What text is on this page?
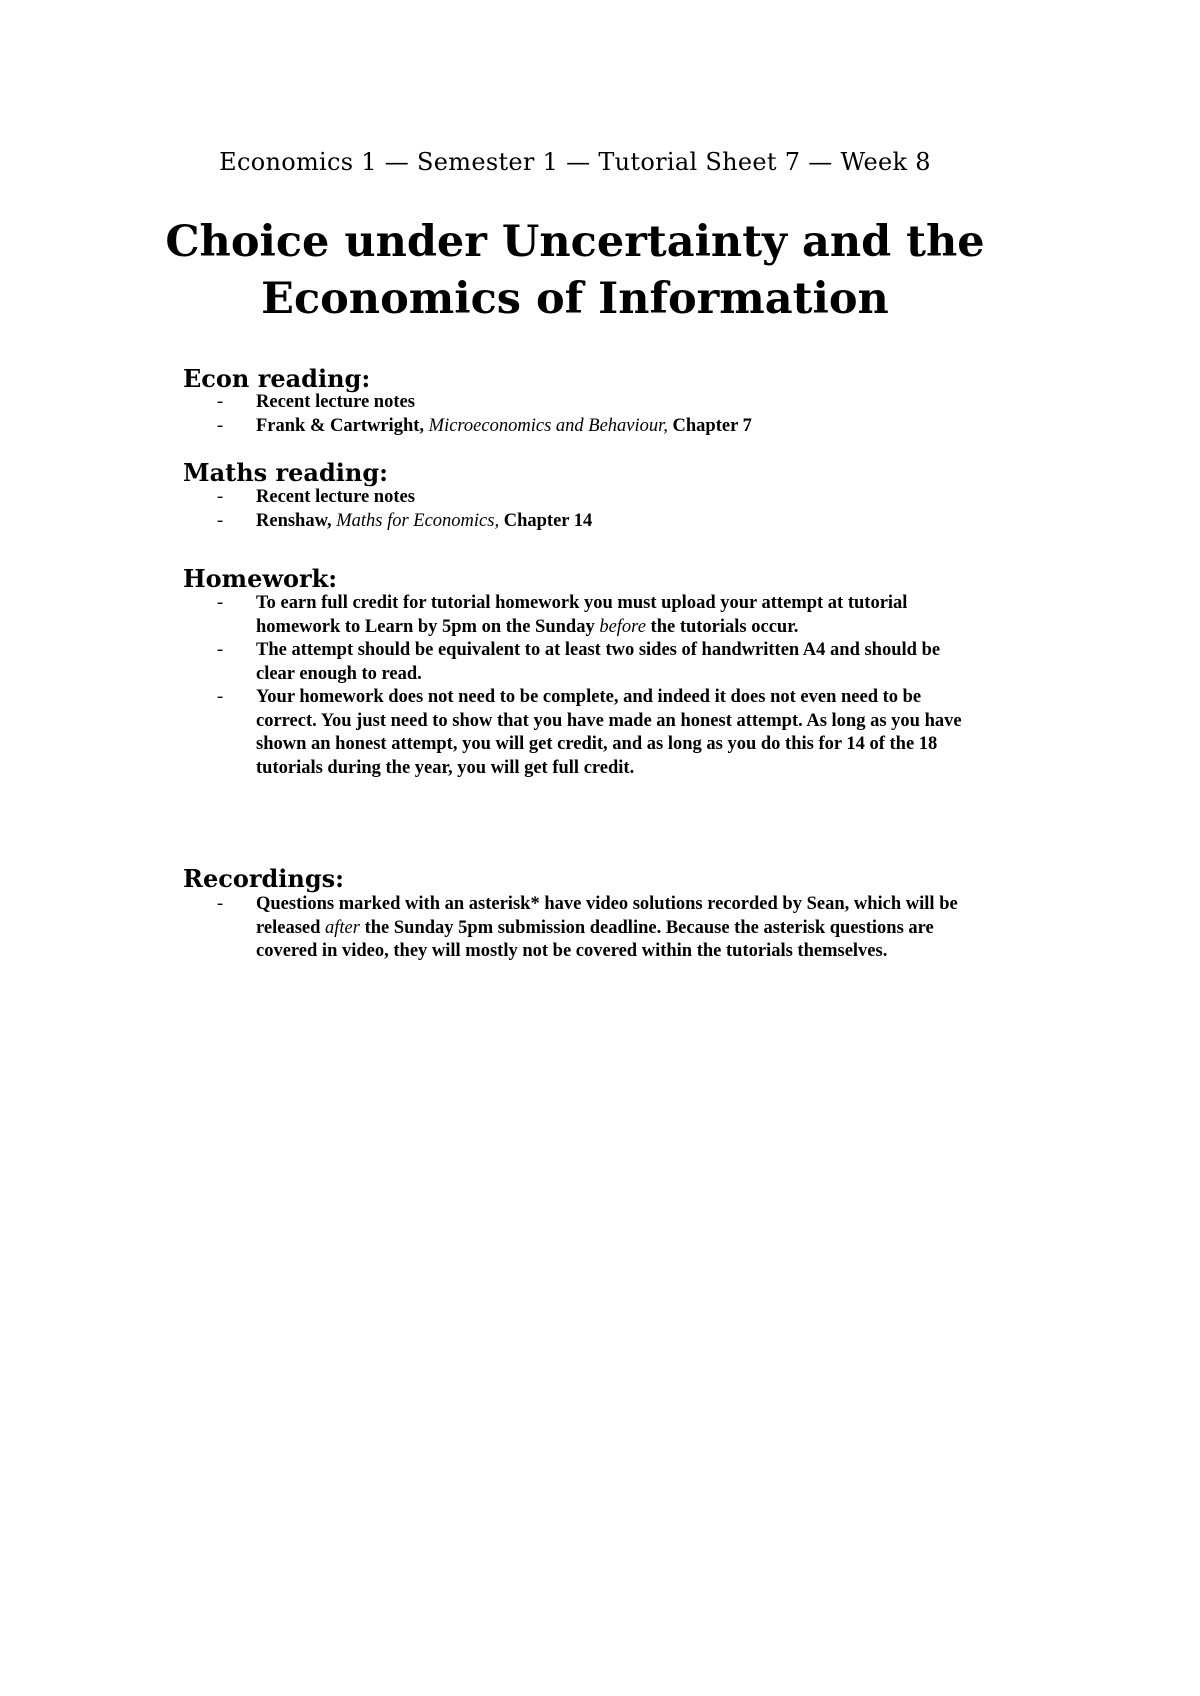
Economics 1 — Semester 1 — Tutorial Sheet 7 — Week 8
Choice under Uncertainty and the
Economics of Information
Econ reading:
- Recent lecture notes
- Frank & Cartwright, Microeconomics and Behaviour, Chapter 7
Maths reading:
- Recent lecture notes
- Renshaw, Maths for Economics, Chapter 14
Homework:
- To earn full credit for tutorial homework you must upload your attempt at tutorial homework to Learn by 5pm on the Sunday before the tutorials occur.
- The attempt should be equivalent to at least two sides of handwritten A4 and should be clear enough to read.
- Your homework does not need to be complete, and indeed it does not even need to be correct. You just need to show that you have made an honest attempt. As long as you have shown an honest attempt, you will get credit, and as long as you do this for 14 of the 18 tutorials during the year, you will get full credit.
Recordings:
- Questions marked with an asterisk* have video solutions recorded by Sean, which will be released after the Sunday 5pm submission deadline. Because the asterisk questions are covered in video, they will mostly not be covered within the tutorials themselves.
